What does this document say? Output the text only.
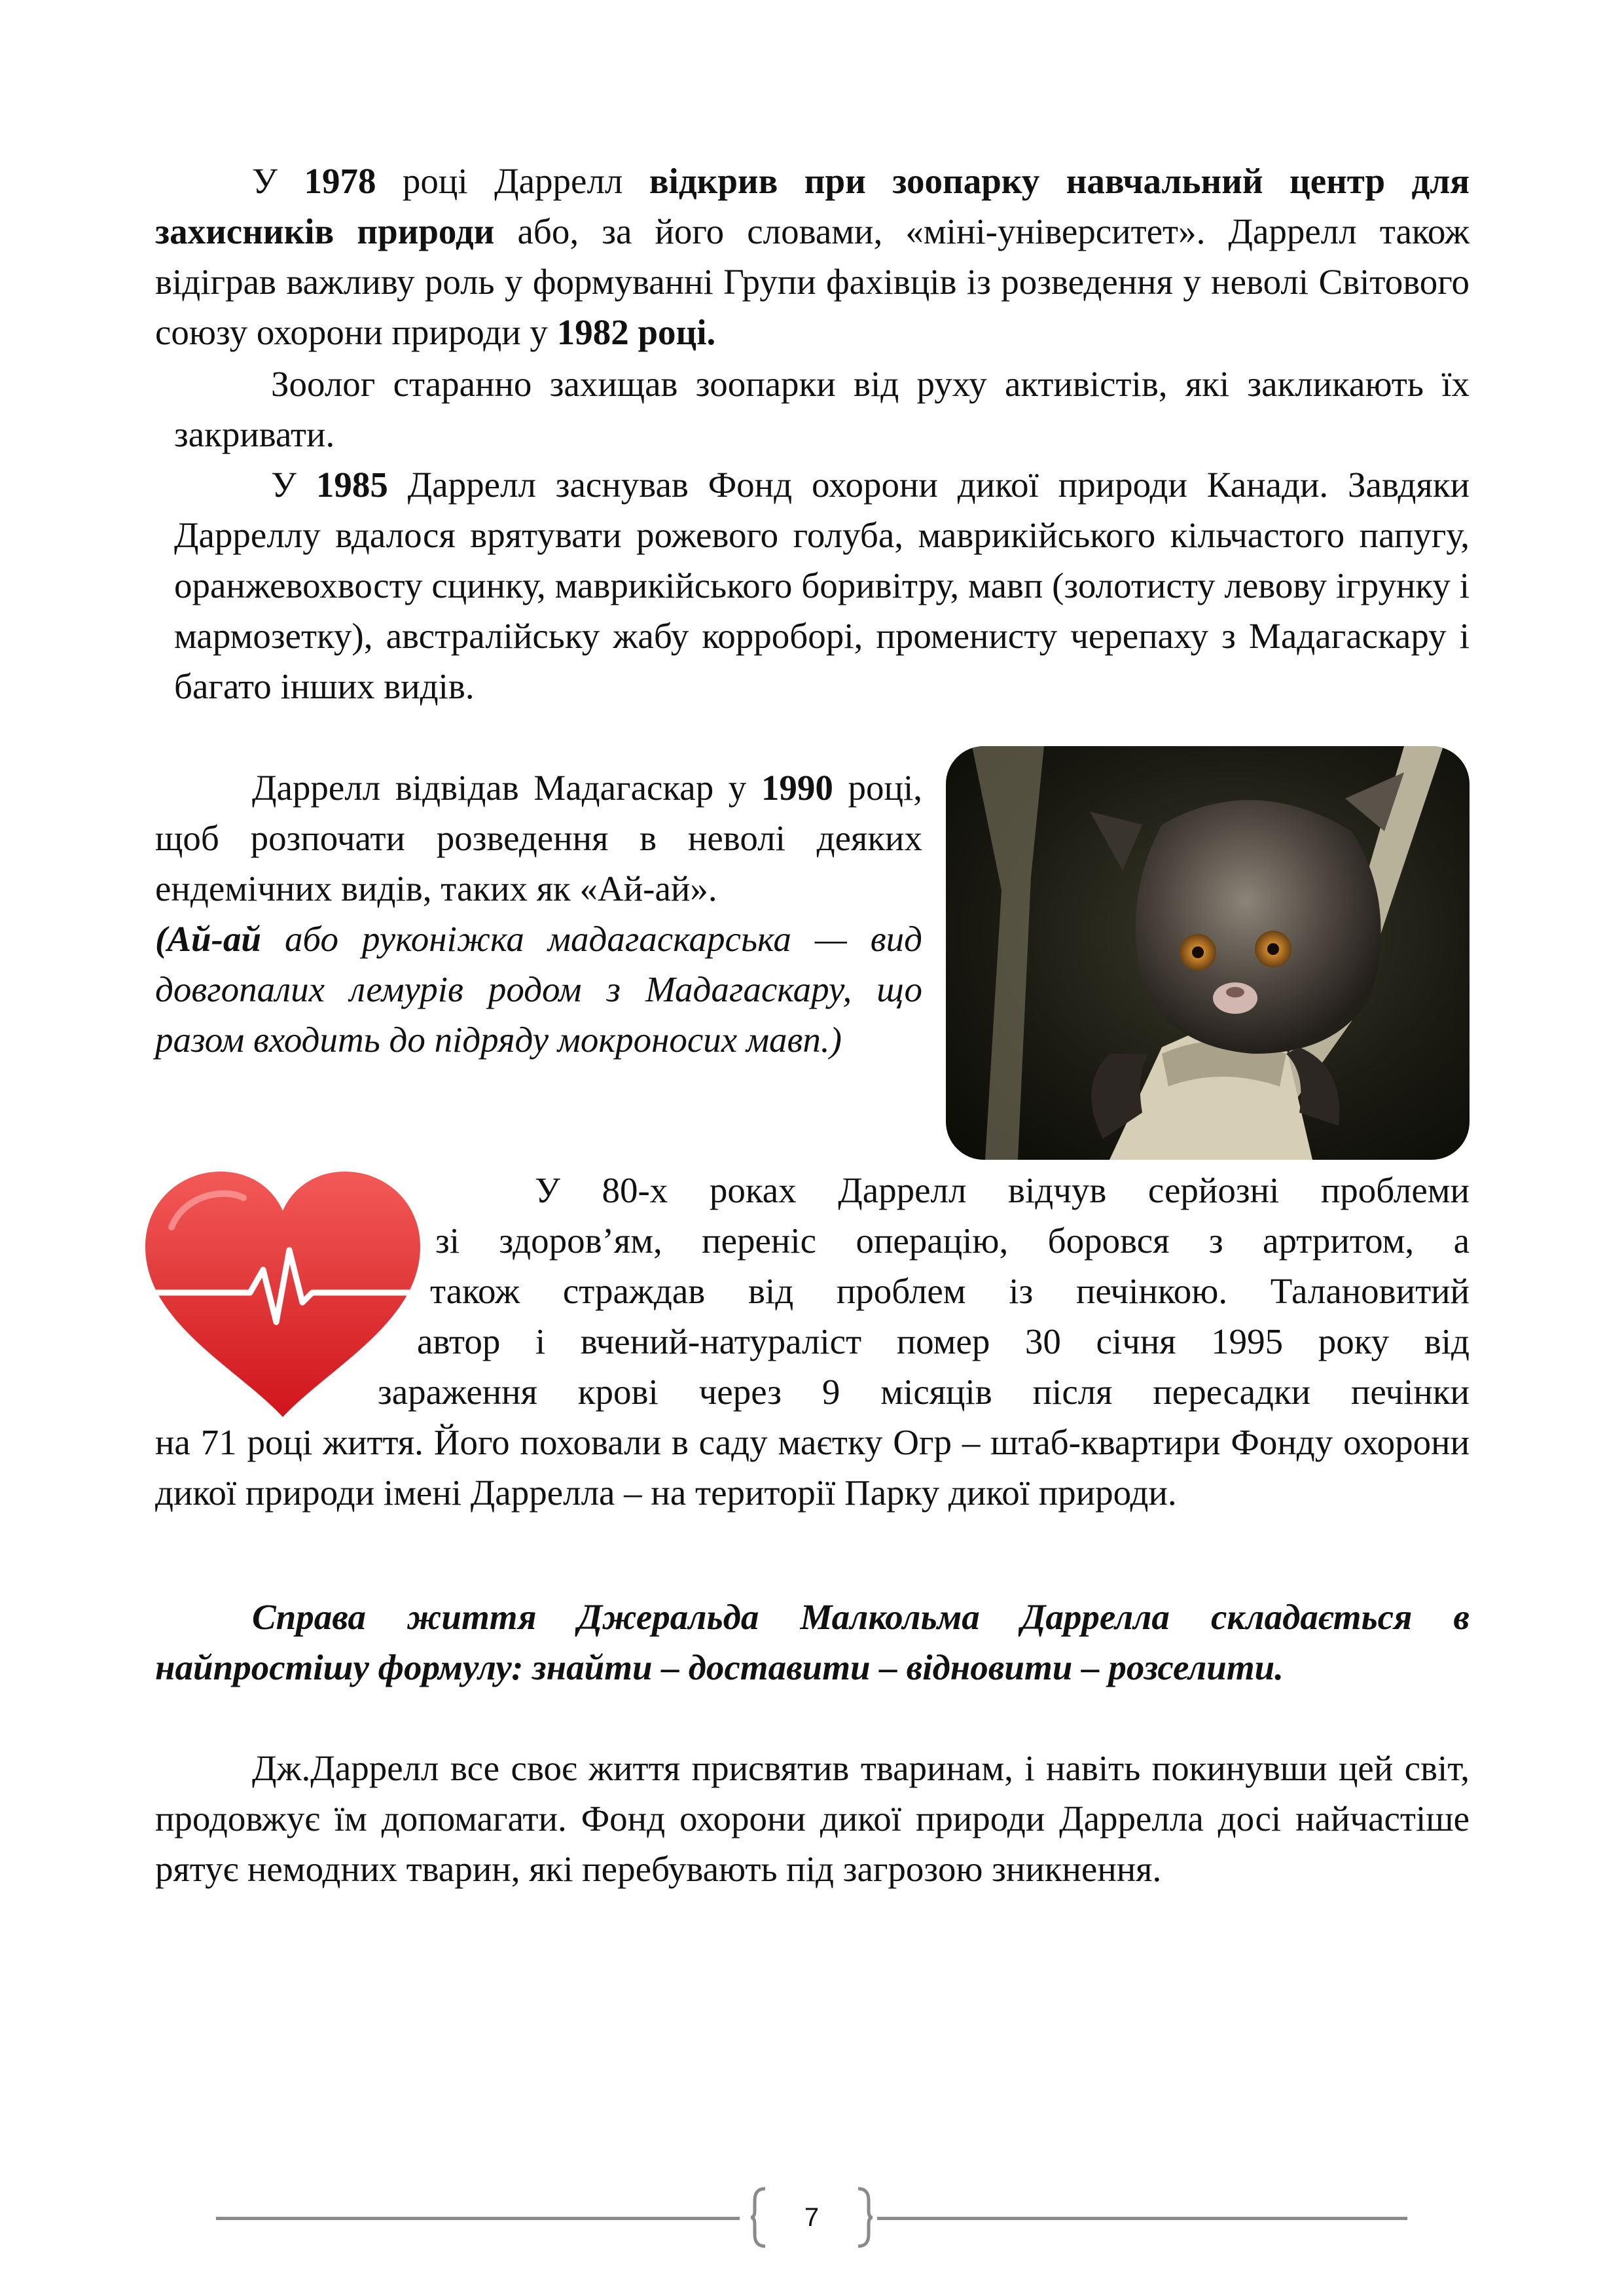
У 1978 році Даррелл відкрив при зоопарку навчальний центр для захисників природи або, за його словами, «міні-університет». Даррелл також відіграв важливу роль у формуванні Групи фахівців із розведення у неволі Світового союзу охорони природи у 1982 році.

Зоолог старанно захищав зоопарки від руху активістів, які закликають їх закривати.

У 1985 Даррелл заснував Фонд охорони дикої природи Канади. Завдяки Дарреллу вдалося врятувати рожевого голуба, маврикійського кільчастого папугу, оранжевохвосту сцинку, маврикійського боривітру, мавп (золотисту левову ігрунку і мармозетку), австралійську жабу корроборі, променисту черепаху з Мадагаскару і багато інших видів.

Даррелл відвідав Мадагаскар у 1990 році, щоб розпочати розведення в неволі деяких ендемічних видів, таких як «Ай-ай».

(Ай-ай або руконіжка мадагаскарська — вид довгопалих лемурів родом з Мадагаскару, що разом входить до підряду мокроносих мавп.)

У 80-х роках Даррелл відчув серйозні проблеми

зі здоров’ям, переніс операцію, боровся з артритом, а

також страждав від проблем із печінкою. Талановитий

автор і вчений-натураліст помер 30 січня 1995 року від

зараження крові через 9 місяців після пересадки печінки

на 71 році життя. Його поховали в саду маєтку Огр – штаб-квартири Фонду охорони дикої природи імені Даррелла – на території Парку дикої природи.

Справа життя Джеральда Малкольма Даррелла складається в найпростішу формулу: знайти – доставити – відновити – розселити.

Дж.Даррелл все своє життя присвятив тваринам, і навіть покинувши цей світ, продовжує їм допомагати. Фонд охорони дикої природи Даррелла досі найчастіше рятує немодних тварин, які перебувають під загрозою зникнення.

7
